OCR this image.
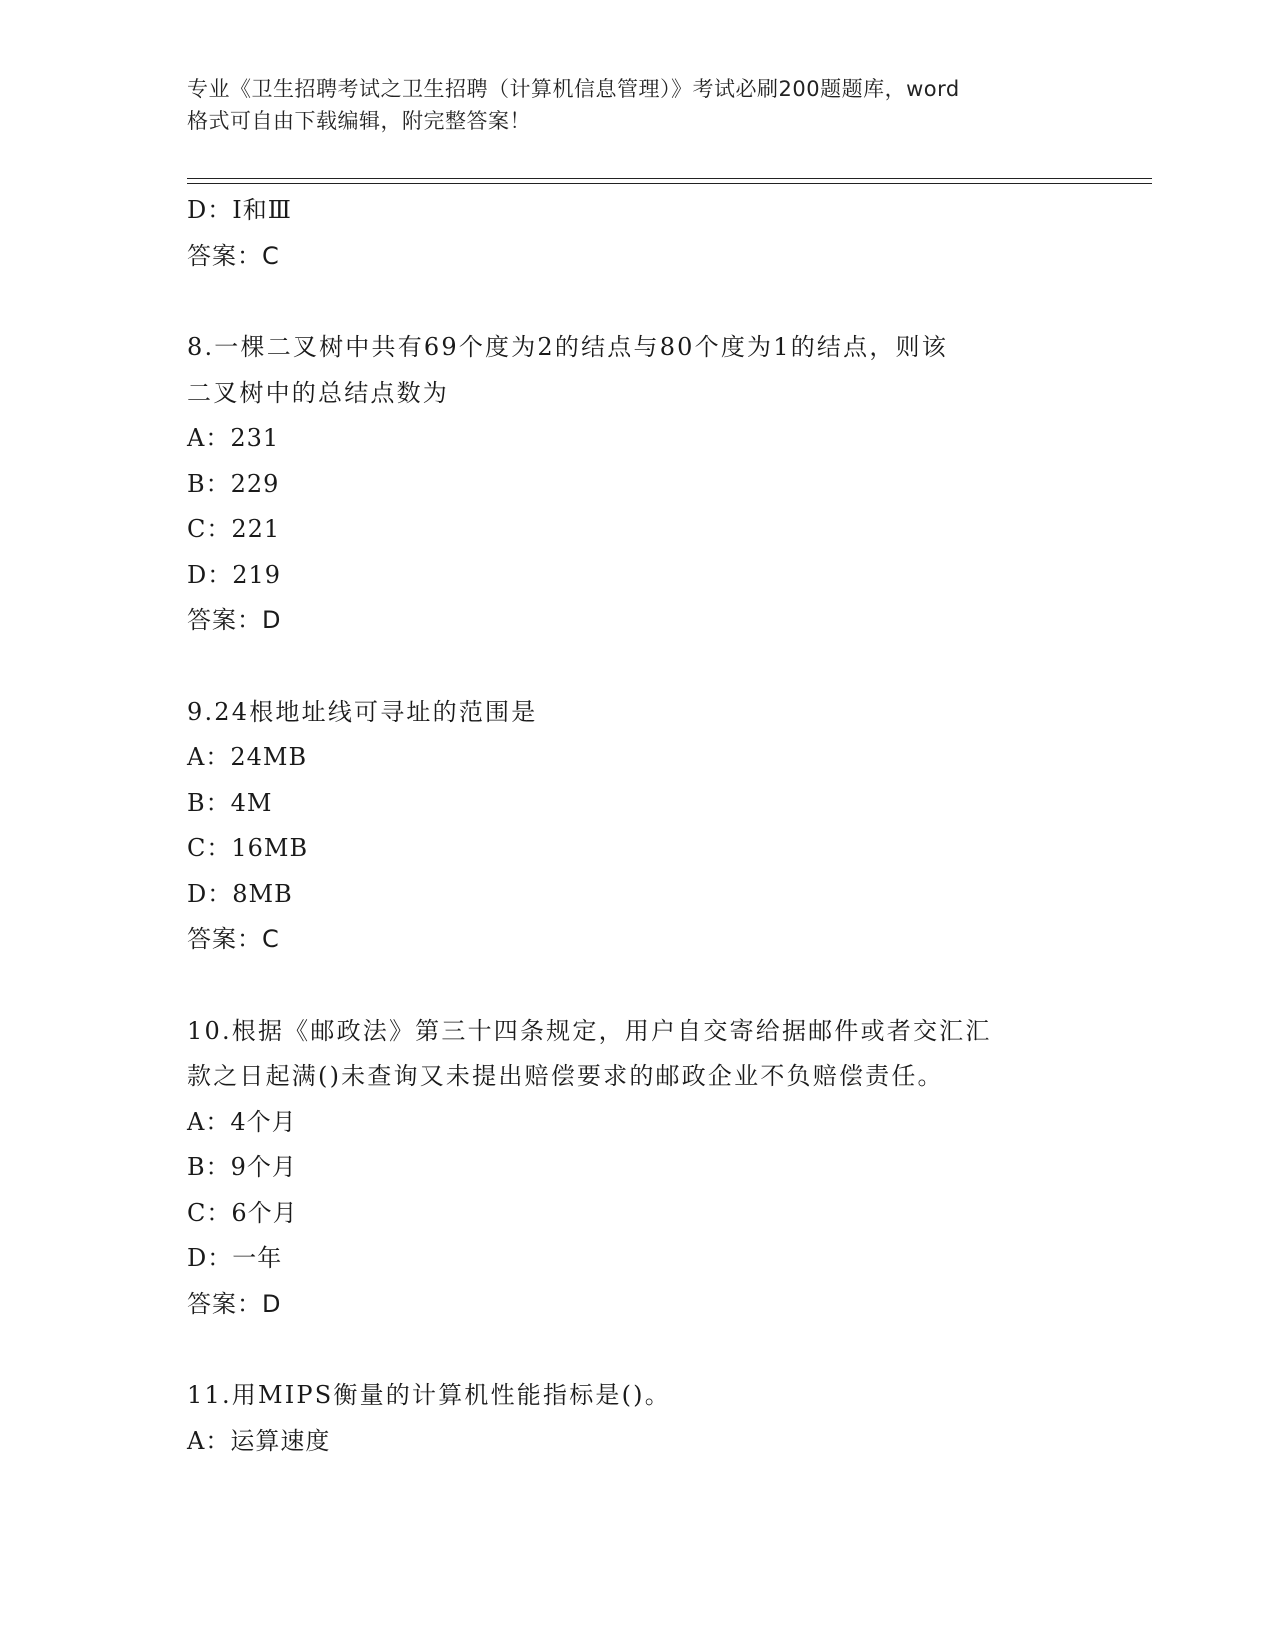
专业《卫生招聘考试之卫生招聘（计算机信息管理）》考试必刷200题题库，word
格式可自由下载编辑，附完整答案！
D：Ⅰ和Ⅲ
答案：C
8.一棵二叉树中共有69个度为2的结点与80个度为1的结点，则该
二叉树中的总结点数为
A：231
B：229
C：221
D：219
答案：D
9.24根地址线可寻址的范围是
A：24MB
B：4M
C：16MB
D：8MB
答案：C
10.根据《邮政法》第三十四条规定，用户自交寄给据邮件或者交汇汇
款之日起满()未查询又未提出赔偿要求的邮政企业不负赔偿责任。
A：4个月
B：9个月
C：6个月
D：一年
答案：D
11.用MIPS衡量的计算机性能指标是()。
A：运算速度
